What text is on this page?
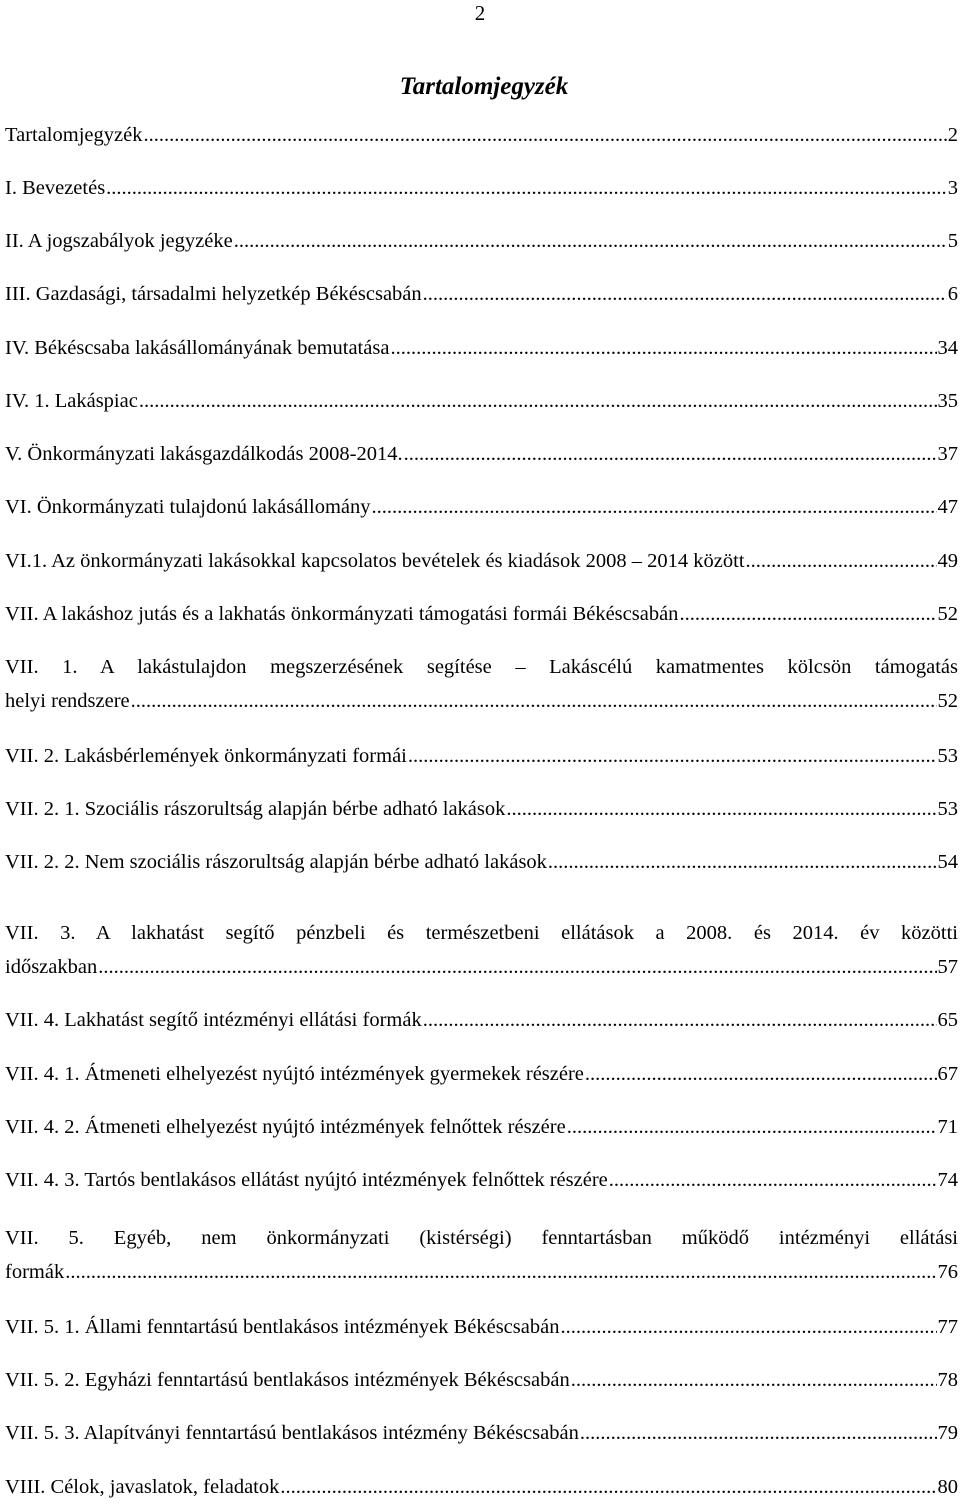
2
Tartalomjegyzék
Tartalomjegyzék .....	2
I. Bevezetés .....	3
II. A jogszabályok jegyzéke .....	5
III. Gazdasági, társadalmi helyzetkép Békéscsabán .....	6
IV. Békéscsaba lakásállományának bemutatása .....	34
IV. 1. Lakáspiac .....	35
V. Önkormányzati lakásgazdálkodás 2008-2014. .....	37
VI. Önkormányzati tulajdonú lakásállomány .....	47
VI.1. Az önkormányzati lakásokkal kapcsolatos bevételek és kiadások 2008 – 2014 között .....	49
VII. A lakáshoz jutás és a lakhatás önkormányzati támogatási formái Békéscsabán .....	52
VII. 1. A lakástulajdon megszerzésének segítése – Lakáscélú kamatmentes kölcsön támogatás
helyi rendszere .....	52
VII. 2. Lakásbérlemények önkormányzati formái .....	53
VII. 2. 1. Szociális rászorultság alapján bérbe adható lakások .....	53
VII. 2. 2. Nem szociális rászorultság alapján bérbe adható lakások .....	54
VII. 3. A lakhatást segítő pénzbeli és természetbeni ellátások a 2008. és 2014. év közötti
időszakban .....	57
VII. 4. Lakhatást segítő intézményi ellátási formák .....	65
VII. 4. 1. Átmeneti elhelyezést nyújtó intézmények gyermekek részére .....	67
VII. 4. 2. Átmeneti elhelyezést nyújtó intézmények felnőttek részére .....	71
VII. 4. 3. Tartós bentlakásos ellátást nyújtó intézmények felnőttek részére .....	74
VII. 5. Egyéb, nem önkormányzati (kistérségi) fenntartásban működő intézményi ellátási
formák .....	76
VII. 5. 1. Állami fenntartású bentlakásos intézmények Békéscsabán .....	77
VII. 5. 2. Egyházi fenntartású bentlakásos intézmények Békéscsabán .....	78
VII. 5. 3. Alapítványi fenntartású bentlakásos intézmény Békéscsabán .....	79
VIII. Célok, javaslatok, feladatok .....	80
